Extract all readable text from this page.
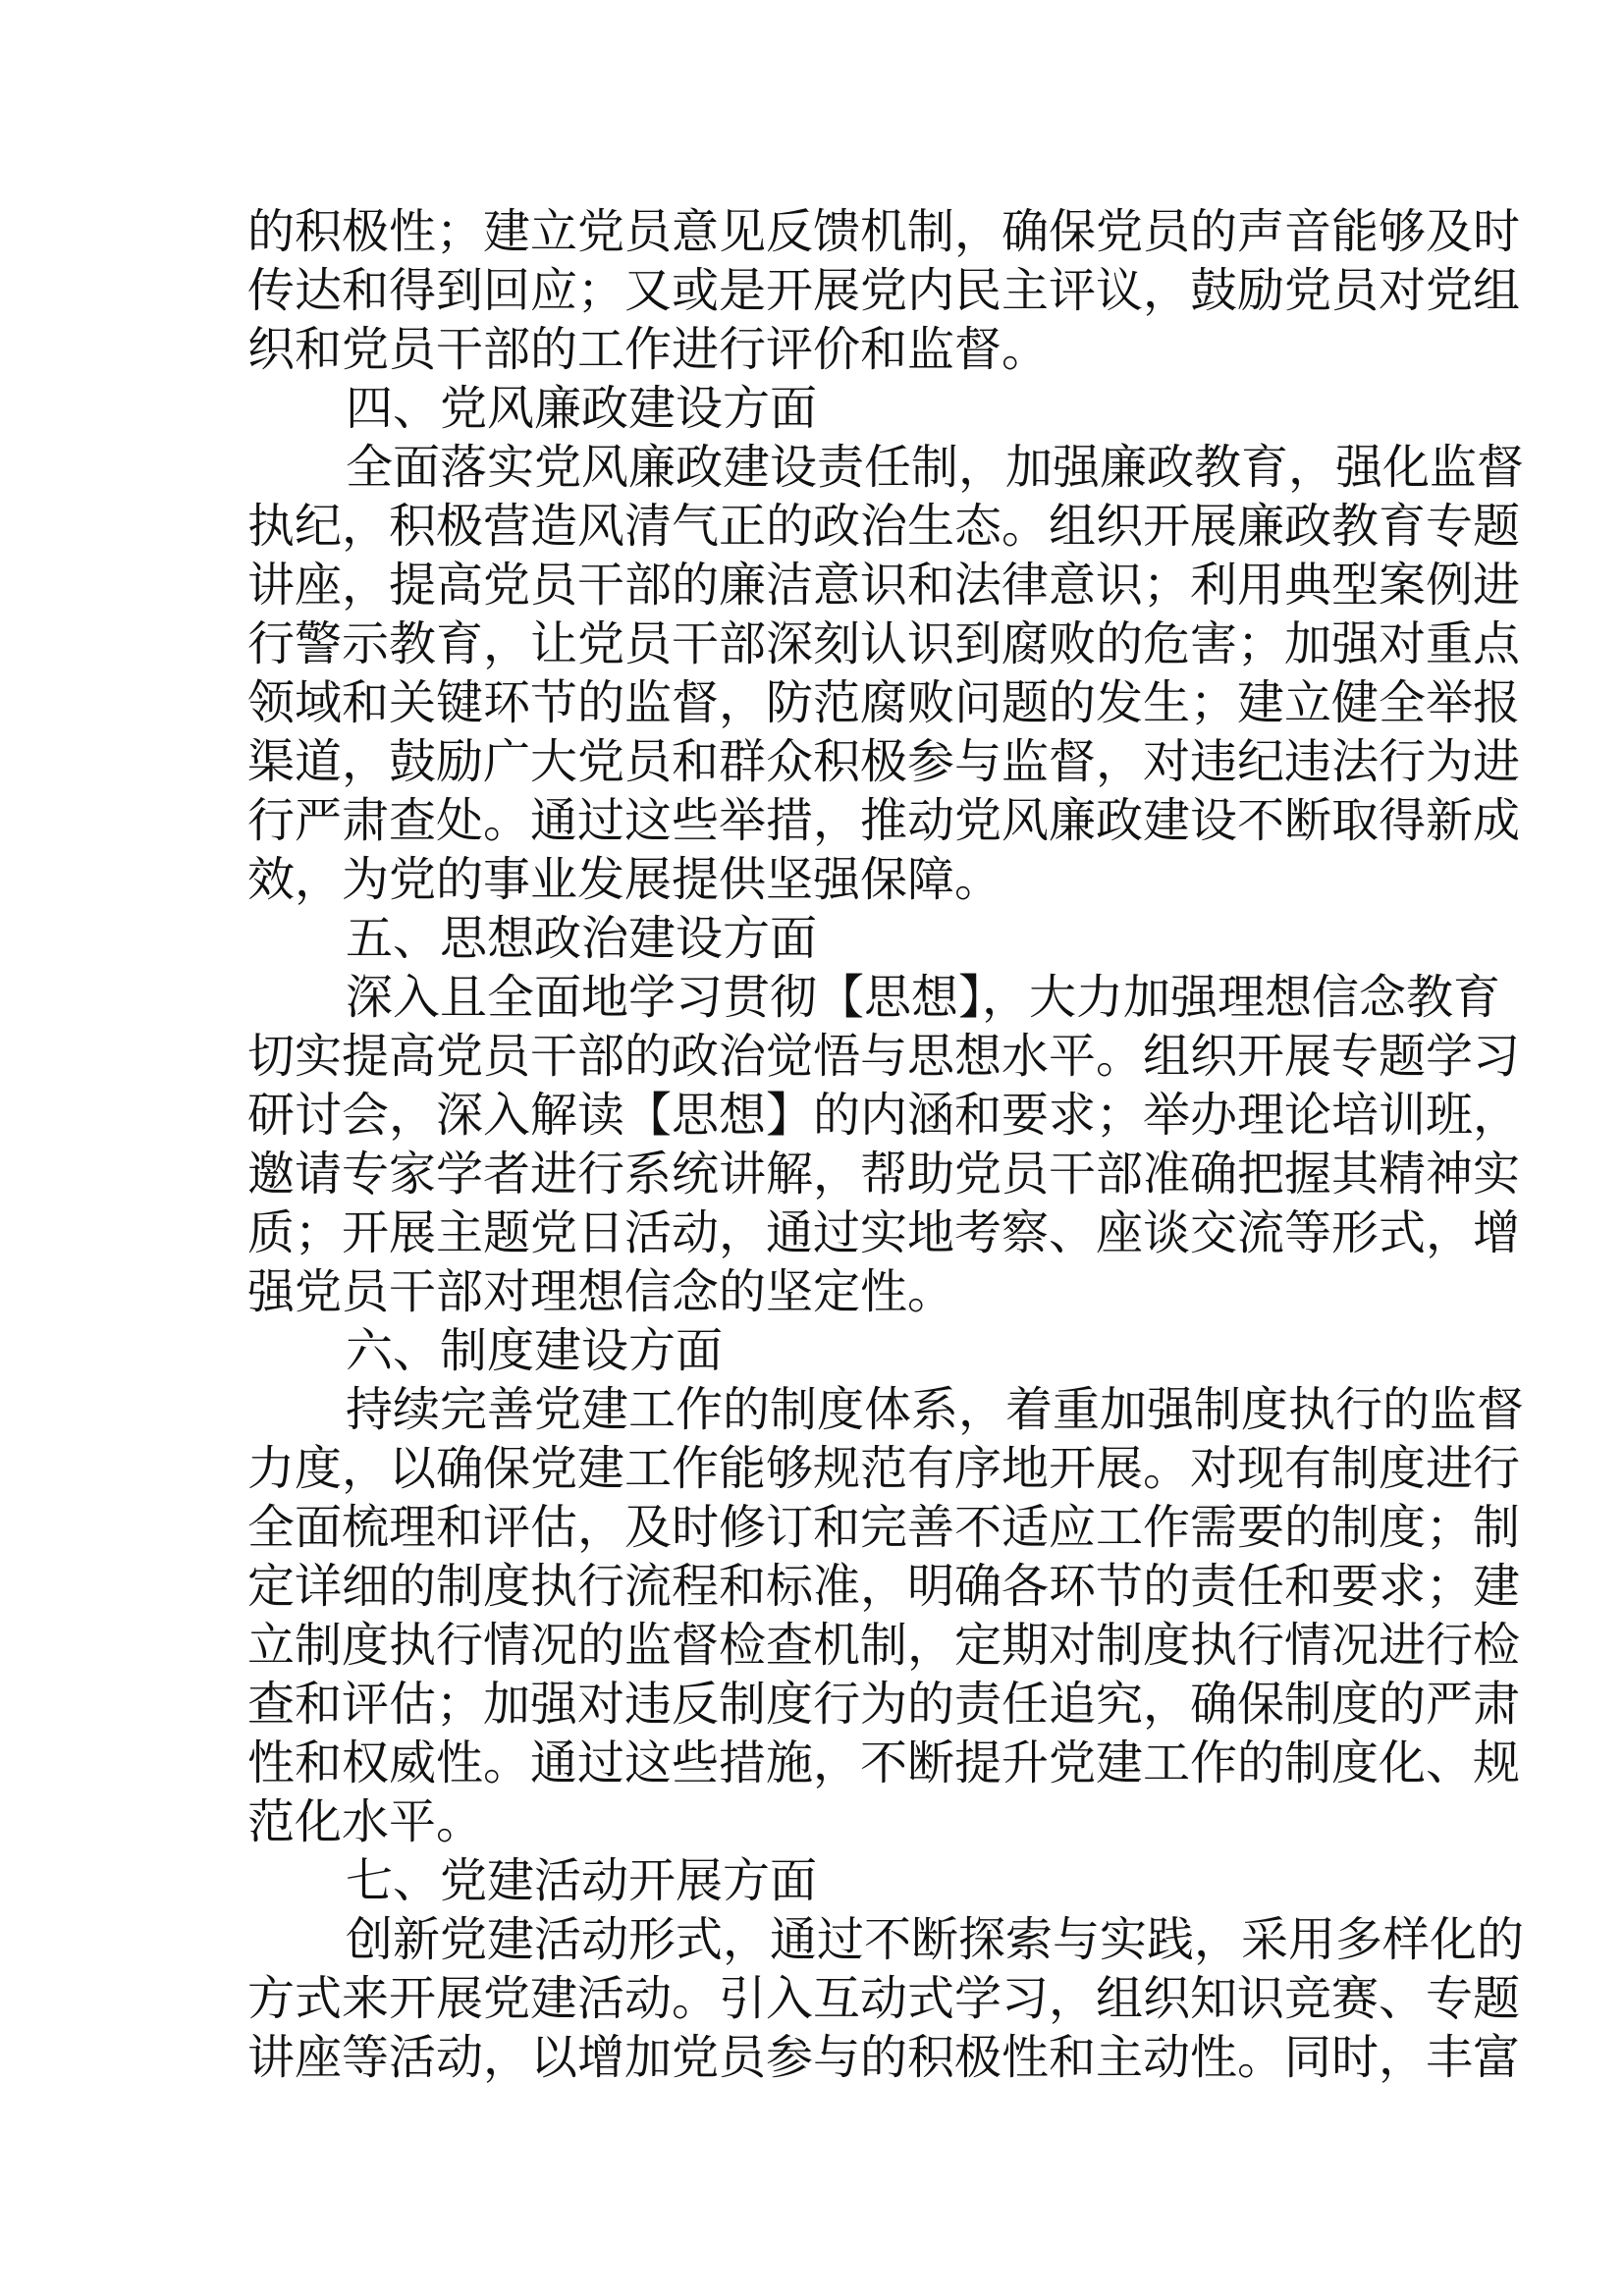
的积极性；建立党员意见反馈机制，确保党员的声音能够及时
传达和得到回应；又或是开展党内民主评议，鼓励党员对党组
织和党员干部的工作进行评价和监督。
四、党风廉政建设方面
全面落实党风廉政建设责任制，加强廉政教育，强化监督
执纪，积极营造风清气正的政治生态。组织开展廉政教育专题
讲座，提高党员干部的廉洁意识和法律意识；利用典型案例进
行警示教育，让党员干部深刻认识到腐败的危害；加强对重点
领域和关键环节的监督，防范腐败问题的发生；建立健全举报
渠道，鼓励广大党员和群众积极参与监督，对违纪违法行为进
行严肃查处。通过这些举措，推动党风廉政建设不断取得新成
效，为党的事业发展提供坚强保障。
五、思想政治建设方面
深入且全面地学习贯彻【思想】，大力加强理想信念教育
切实提高党员干部的政治觉悟与思想水平。组织开展专题学习
研讨会，深入解读【思想】的内涵和要求；举办理论培训班，
邀请专家学者进行系统讲解，帮助党员干部准确把握其精神实
质；开展主题党日活动，通过实地考察、座谈交流等形式，增
强党员干部对理想信念的坚定性。
六、制度建设方面
持续完善党建工作的制度体系，着重加强制度执行的监督
力度，以确保党建工作能够规范有序地开展。对现有制度进行
全面梳理和评估，及时修订和完善不适应工作需要的制度；制
定详细的制度执行流程和标准，明确各环节的责任和要求；建
立制度执行情况的监督检查机制，定期对制度执行情况进行检
查和评估；加强对违反制度行为的责任追究，确保制度的严肃
性和权威性。通过这些措施，不断提升党建工作的制度化、规
范化水平。
七、党建活动开展方面
创新党建活动形式，通过不断探索与实践，采用多样化的
方式来开展党建活动。引入互动式学习，组织知识竞赛、专题
讲座等活动，以增加党员参与的积极性和主动性。同时，丰富
